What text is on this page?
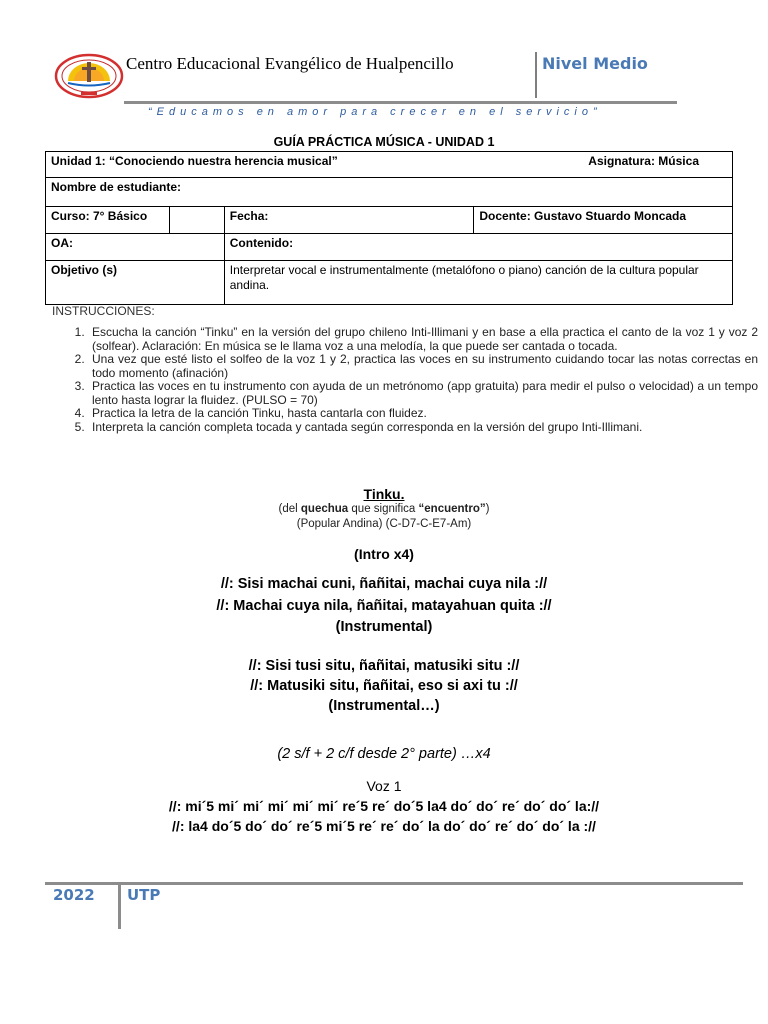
Centro Educacional Evangélico de Hualpencillo	Nivel Medio
“Educamos en amor para crecer en el servicio”
GUÍA PRÁCTICA MÚSICA - UNIDAD 1
Unidad 1: “Conociendo nuestra herencia musical” Asignatura: Música			

Nombre de estudiante:			
Curso: 7° Básico		Fecha:	Docente: Gustavo Stuardo Moncada
OA:		Contenido:	
Objetivo (s)		Interpretar vocal e instrumentalmente (metalófono o piano) canción de la cultura popular andina.	
INSTRUCCIONES:
1. Escucha la canción “Tinku” en la versión del grupo chileno Inti-Illimani y en base a ella practica el canto de la voz 1 y voz 2 (solfear). Aclaración: En música se le llama voz a una melodía, la que puede ser cantada o tocada.
2. Una vez que esté listo el solfeo de la voz 1 y 2, practica las voces en su instrumento cuidando tocar las notas correctas en todo momento (afinación)
3. Practica las voces en tu instrumento con ayuda de un metrónomo (app gratuita) para medir el pulso o velocidad) a un tempo lento hasta lograr la fluidez. (PULSO = 70)
4. Practica la letra de la canción Tinku, hasta cantarla con fluidez.
5. Interpreta la canción completa tocada y cantada según corresponda en la versión del grupo Inti-Illimani.
Tinku.
(del quechua que significa “encuentro”)
(Popular Andina) (C-D7-C-E7-Am)
(Intro x4)
//: Sisi machai cuni, ñañitai, machai cuya nila ://
//: Machai cuya nila, ñañitai, matayahuan quita ://
(Instrumental)
//: Sisi tusi situ, ñañitai, matusiki situ ://
//: Matusiki situ, ñañitai, eso si axi tu ://
(Instrumental…)
(2 s/f + 2 c/f desde 2° parte) …x4
Voz 1
//: mi´5 mi´ mi´ mi´ mi´ mi´ re´5 re´ do´5 la4 do´ do´ re´ do´ do´ la://
//: la4 do´5 do´ do´ re´5 mi´5 re´ re´ do´ la do´ do´ re´ do´ do´ la ://
2022 UTP
